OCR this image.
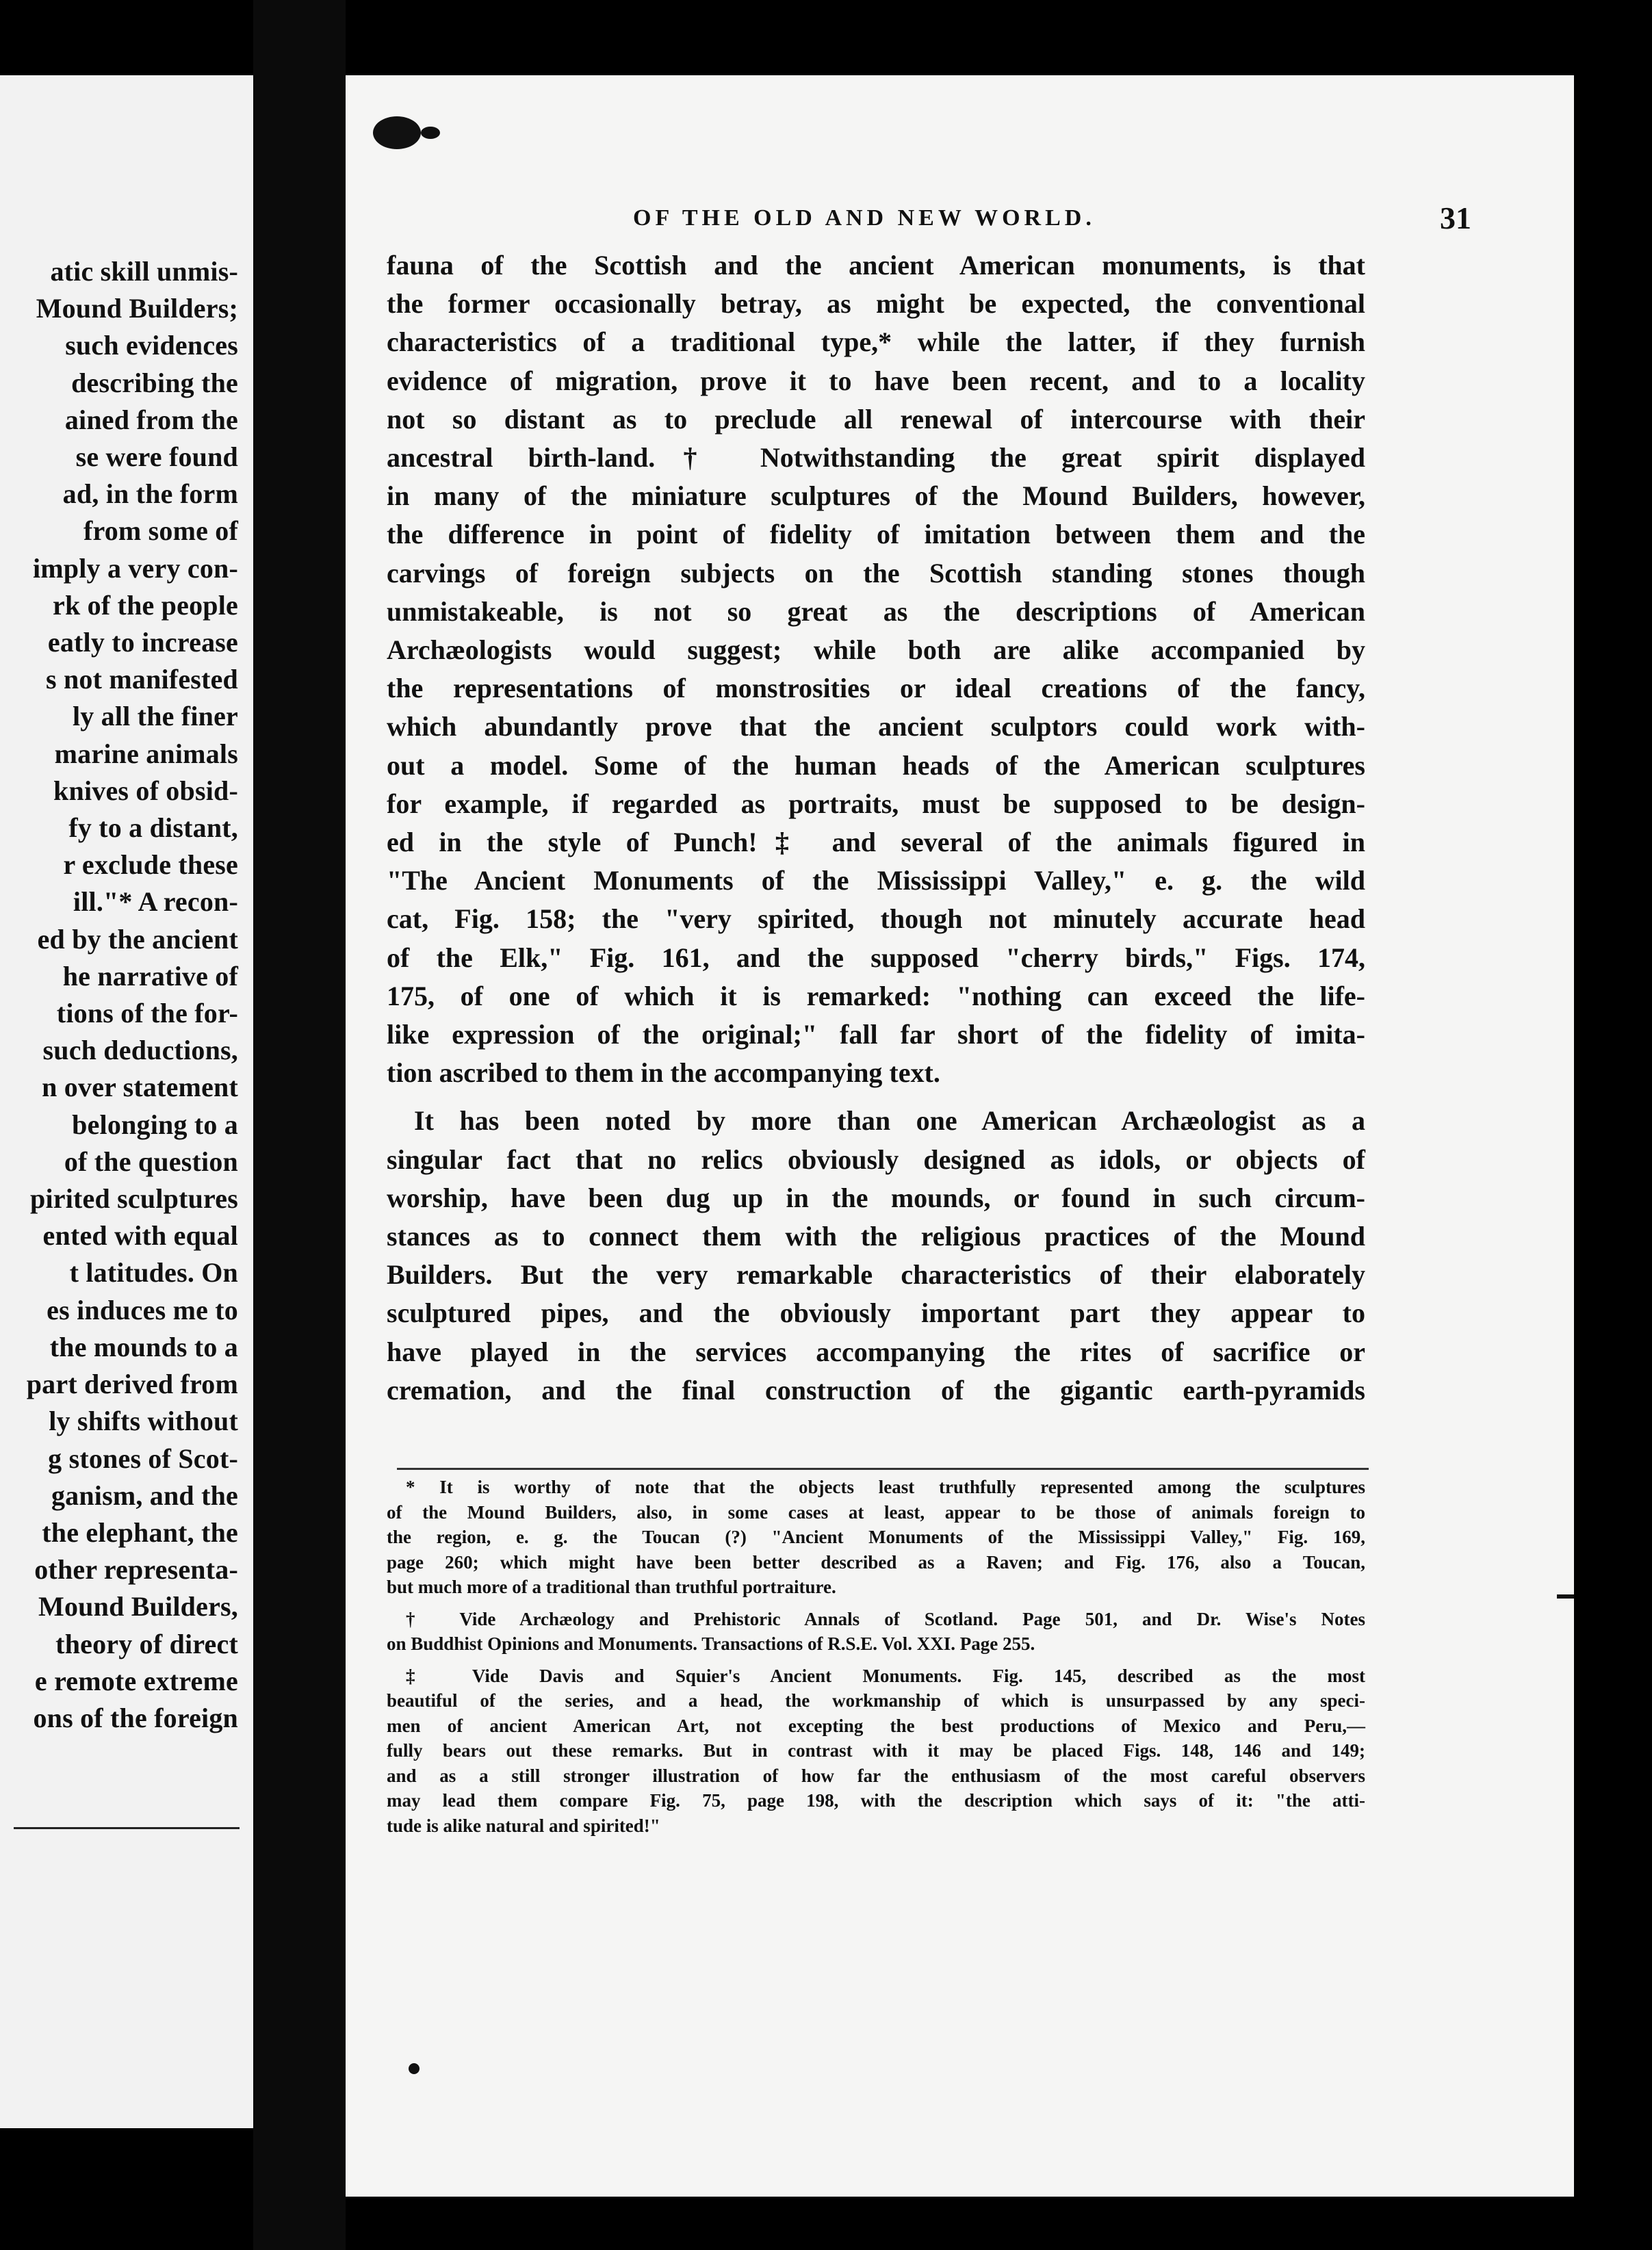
atic skill unmis-
Mound Builders;
such evidences
describing the
ained from the
se were found
ad, in the form
from some of
imply a very con-
rk of the people
eatly to increase
s not manifested
ly all the finer
marine animals
knives of obsid-
fy to a distant,
r exclude these
ill."* A recon-
ed by the ancient
he narrative of
tions of the for-
such deductions,
n over statement
belonging to a
of the question
pirited sculptures
ented with equal
t latitudes. On
es induces me to
the mounds to a
part derived from
ly shifts without
g stones of Scot-
ganism, and the
the elephant, the
other representa-
Mound Builders,
theory of direct
e remote extreme
ons of the foreign
OF THE OLD AND NEW WORLD.	31
fauna of the Scottish and the ancient American monuments, is that
the former occasionally betray, as might be expected, the conventional
characteristics of a traditional type,* while the latter, if they furnish
evidence of migration, prove it to have been recent, and to a locality
not so distant as to preclude all renewal of intercourse with their
ancestral birth-land.† Notwithstanding the great spirit displayed
in many of the miniature sculptures of the Mound Builders, however,
the difference in point of fidelity of imitation between them and the
carvings of foreign subjects on the Scottish standing stones though
unmistakeable, is not so great as the descriptions of American
Archæologists would suggest; while both are alike accompanied by
the representations of monstrosities or ideal creations of the fancy,
which abundantly prove that the ancient sculptors could work with-
out a model. Some of the human heads of the American sculptures
for example, if regarded as portraits, must be supposed to be design-
ed in the style of Punch!‡ and several of the animals figured in
"The Ancient Monuments of the Mississippi Valley," e. g. the wild
cat, Fig. 158; the "very spirited, though not minutely accurate head
of the Elk," Fig. 161, and the supposed "cherry birds," Figs. 174,
175, of one of which it is remarked: "nothing can exceed the life-
like expression of the original;" fall far short of the fidelity of imita-
tion ascribed to them in the accompanying text.
It has been noted by more than one American Archæologist as a
singular fact that no relics obviously designed as idols, or objects of
worship, have been dug up in the mounds, or found in such circum-
stances as to connect them with the religious practices of the Mound
Builders. But the very remarkable characteristics of their elaborately
sculptured pipes, and the obviously important part they appear to
have played in the services accompanying the rites of sacrifice or
cremation, and the final construction of the gigantic earth-pyramids
* It is worthy of note that the objects least truthfully represented among the sculptures
of the Mound Builders, also, in some cases at least, appear to be those of animals foreign to
the region, e. g. the Toucan (?) "Ancient Monuments of the Mississippi Valley," Fig. 169,
page 260; which might have been better described as a Raven; and Fig. 176, also a Toucan,
but much more of a traditional than truthful portraiture.
† Vide Archæology and Prehistoric Annals of Scotland. Page 501, and Dr. Wise's Notes
on Buddhist Opinions and Monuments. Transactions of R.S.E. Vol. XXI. Page 255.
‡ Vide Davis and Squier's Ancient Monuments. Fig. 145, described as the most
beautiful of the series, and a head, the workmanship of which is unsurpassed by any speci-
men of ancient American Art, not excepting the best productions of Mexico and Peru,—
fully bears out these remarks. But in contrast with it may be placed Figs. 148, 146 and 149;
and as a still stronger illustration of how far the enthusiasm of the most careful observers
may lead them compare Fig. 75, page 198, with the description which says of it: "the atti-
tude is alike natural and spirited!"
